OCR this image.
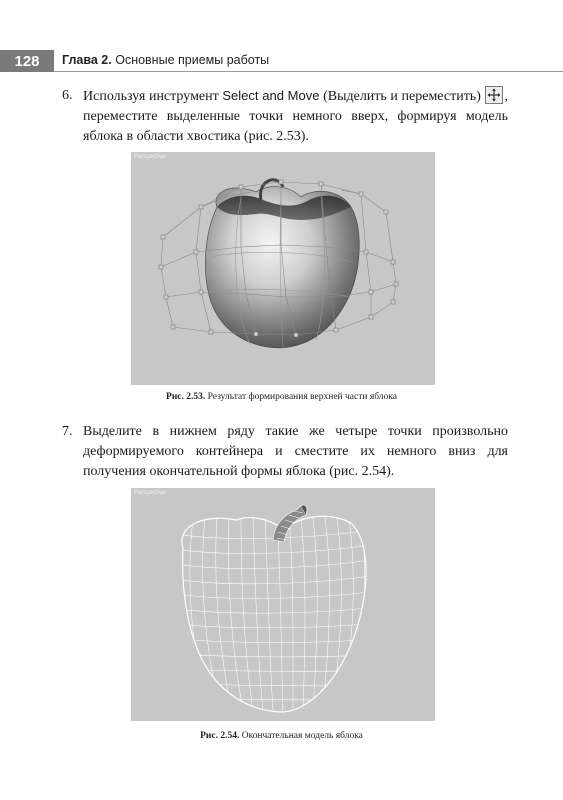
128	Глава 2. Основные приемы работы
6. Используя инструмент Select and Move (Выделить и переместить) , переместите выделенные точки немного вверх, формируя модель яблока в области хвостика (рис. 2.53).
Perspective
Рис. 2.53. Результат формирования верхней части яблока
7. Выделите в нижнем ряду такие же четыре точки произвольно деформируемого контейнера и сместите их немного вниз для получения окончательной формы яблока (рис. 2.54).
Perspective
Рис. 2.54. Окончательная модель яблока
